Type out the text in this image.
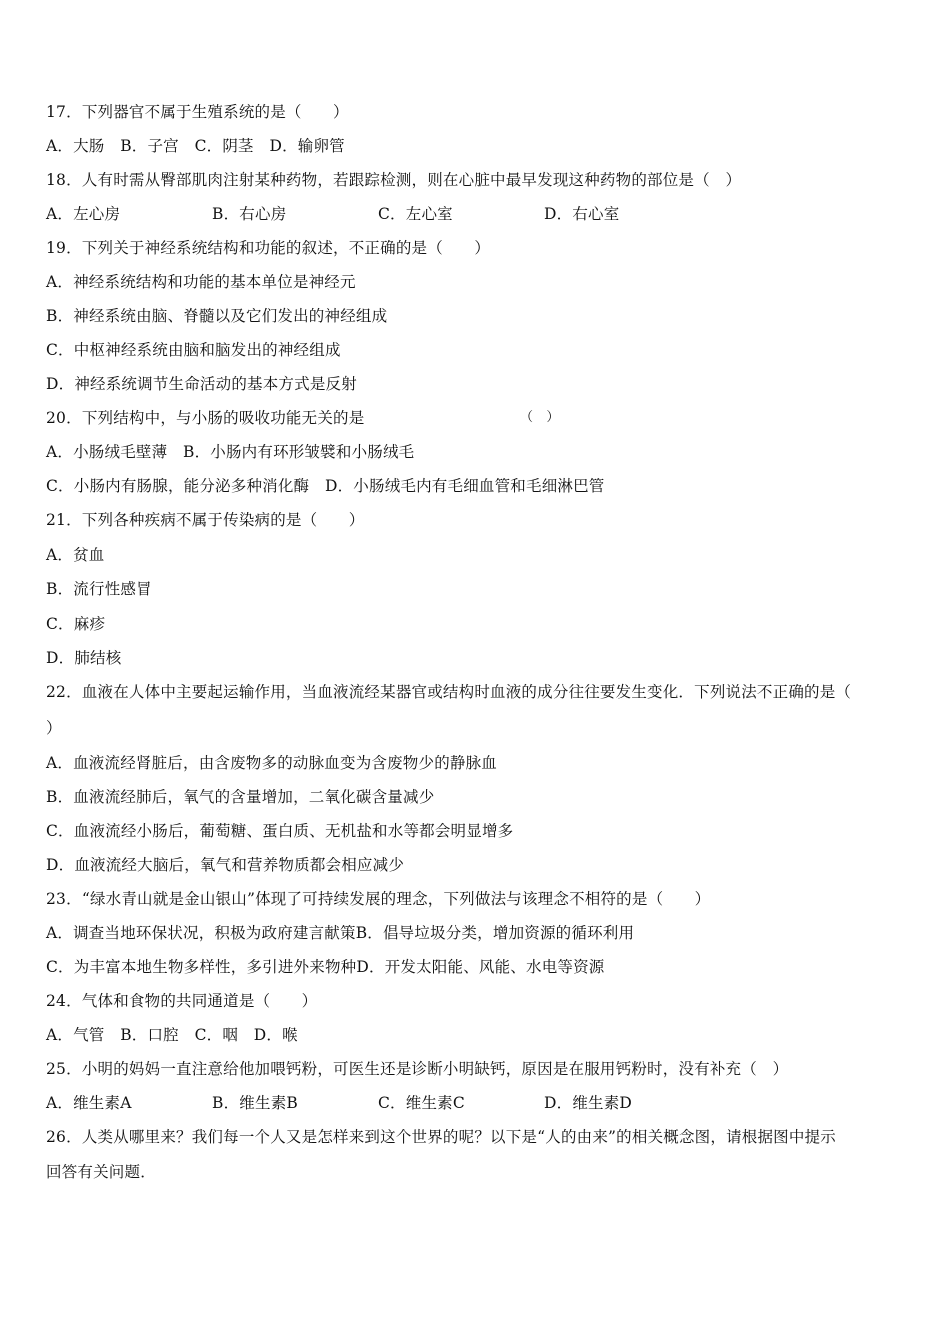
17．下列器官不属于生殖系统的是（　　）
A．大肠　B．子宫　C．阴茎　D．输卵管
18．人有时需从臀部肌肉注射某种药物，若跟踪检测，则在心脏中最早发现这种药物的部位是（　）
A．左心房	B．右心房	C．左心室	D．右心室
19．下列关于神经系统结构和功能的叙述，不正确的是（　　）
A．神经系统结构和功能的基本单位是神经元
B．神经系统由脑、脊髓以及它们发出的神经组成
C．中枢神经系统由脑和脑发出的神经组成
D．神经系统调节生命活动的基本方式是反射
20．下列结构中，与小肠的吸收功能无关的是	（　）
A．小肠绒毛壁薄　B．小肠内有环形皱襞和小肠绒毛
C．小肠内有肠腺，能分泌多种消化酶　D．小肠绒毛内有毛细血管和毛细淋巴管
21．下列各种疾病不属于传染病的是（　　）
A．贫血
B．流行性感冒
C．麻疹
D．肺结核
22．血液在人体中主要起运输作用，当血液流经某器官或结构时血液的成分往往要发生变化．下列说法不正确的是（
）
A．血液流经肾脏后，由含废物多的动脉血变为含废物少的静脉血
B．血液流经肺后，氧气的含量增加，二氧化碳含量减少
C．血液流经小肠后，葡萄糖、蛋白质、无机盐和水等都会明显增多
D．血液流经大脑后，氧气和营养物质都会相应减少
23．“绿水青山就是金山银山”体现了可持续发展的理念，下列做法与该理念不相符的是（　　）
A．调查当地环保状况，积极为政府建言献策B．倡导垃圾分类，增加资源的循环利用
C．为丰富本地生物多样性，多引进外来物种D．开发太阳能、风能、水电等资源
24．气体和食物的共同通道是（　　）
A．气管　B．口腔　C．咽　D．喉
25．小明的妈妈一直注意给他加喂钙粉，可医生还是诊断小明缺钙，原因是在服用钙粉时，没有补充（　）
A．维生素A	B．维生素B	C．维生素C	D．维生素D
26．人类从哪里来？我们每一个人又是怎样来到这个世界的呢？以下是“人的由来”的相关概念图，请根据图中提示
回答有关问题．
